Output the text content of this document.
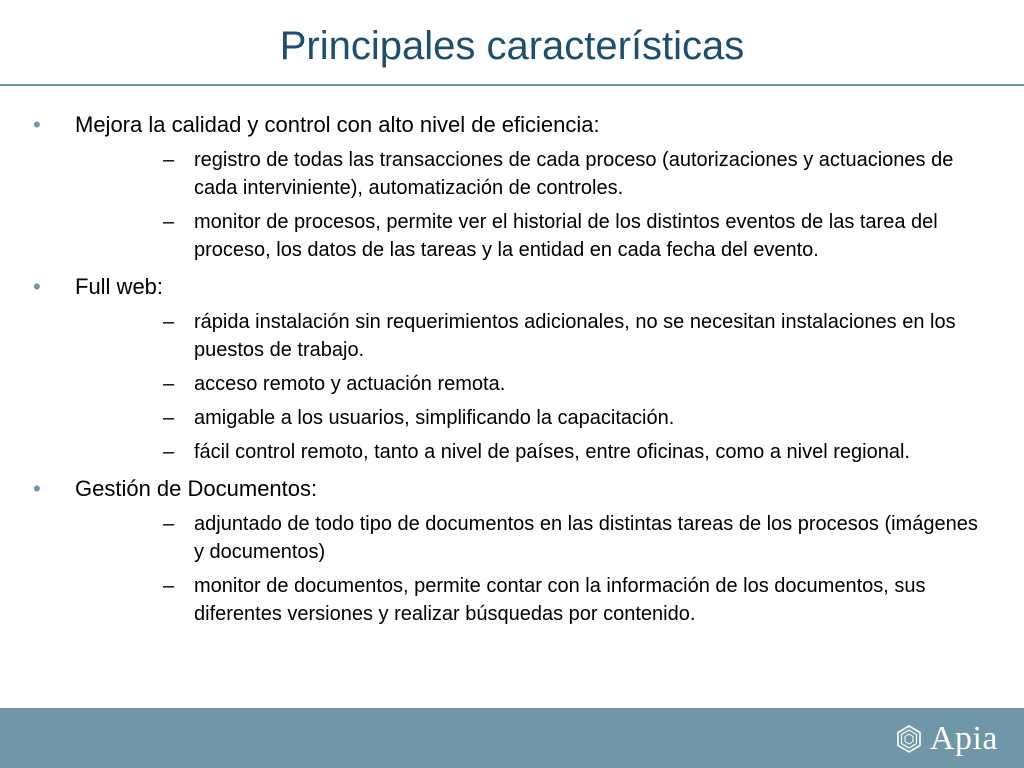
Principales características
• Mejora la calidad y control con alto nivel de eficiencia:
– registro de todas las transacciones de cada proceso (autorizaciones y actuaciones de cada interviniente), automatización de controles.
– monitor de procesos, permite ver el historial de los distintos eventos de las tarea del proceso, los datos de las tareas y la entidad en cada fecha del evento.
• Full web:
– rápida instalación sin requerimientos adicionales, no se necesitan instalaciones en los puestos de trabajo.
– acceso remoto y actuación remota.
– amigable a los usuarios, simplificando la capacitación.
– fácil control remoto, tanto a nivel de países, entre oficinas, como a nivel regional.
• Gestión de Documentos:
– adjuntado de todo tipo de documentos en las distintas tareas de los procesos (imágenes y documentos)
– monitor de documentos, permite contar con la información de los documentos, sus diferentes versiones y realizar búsquedas por contenido.
Apia
